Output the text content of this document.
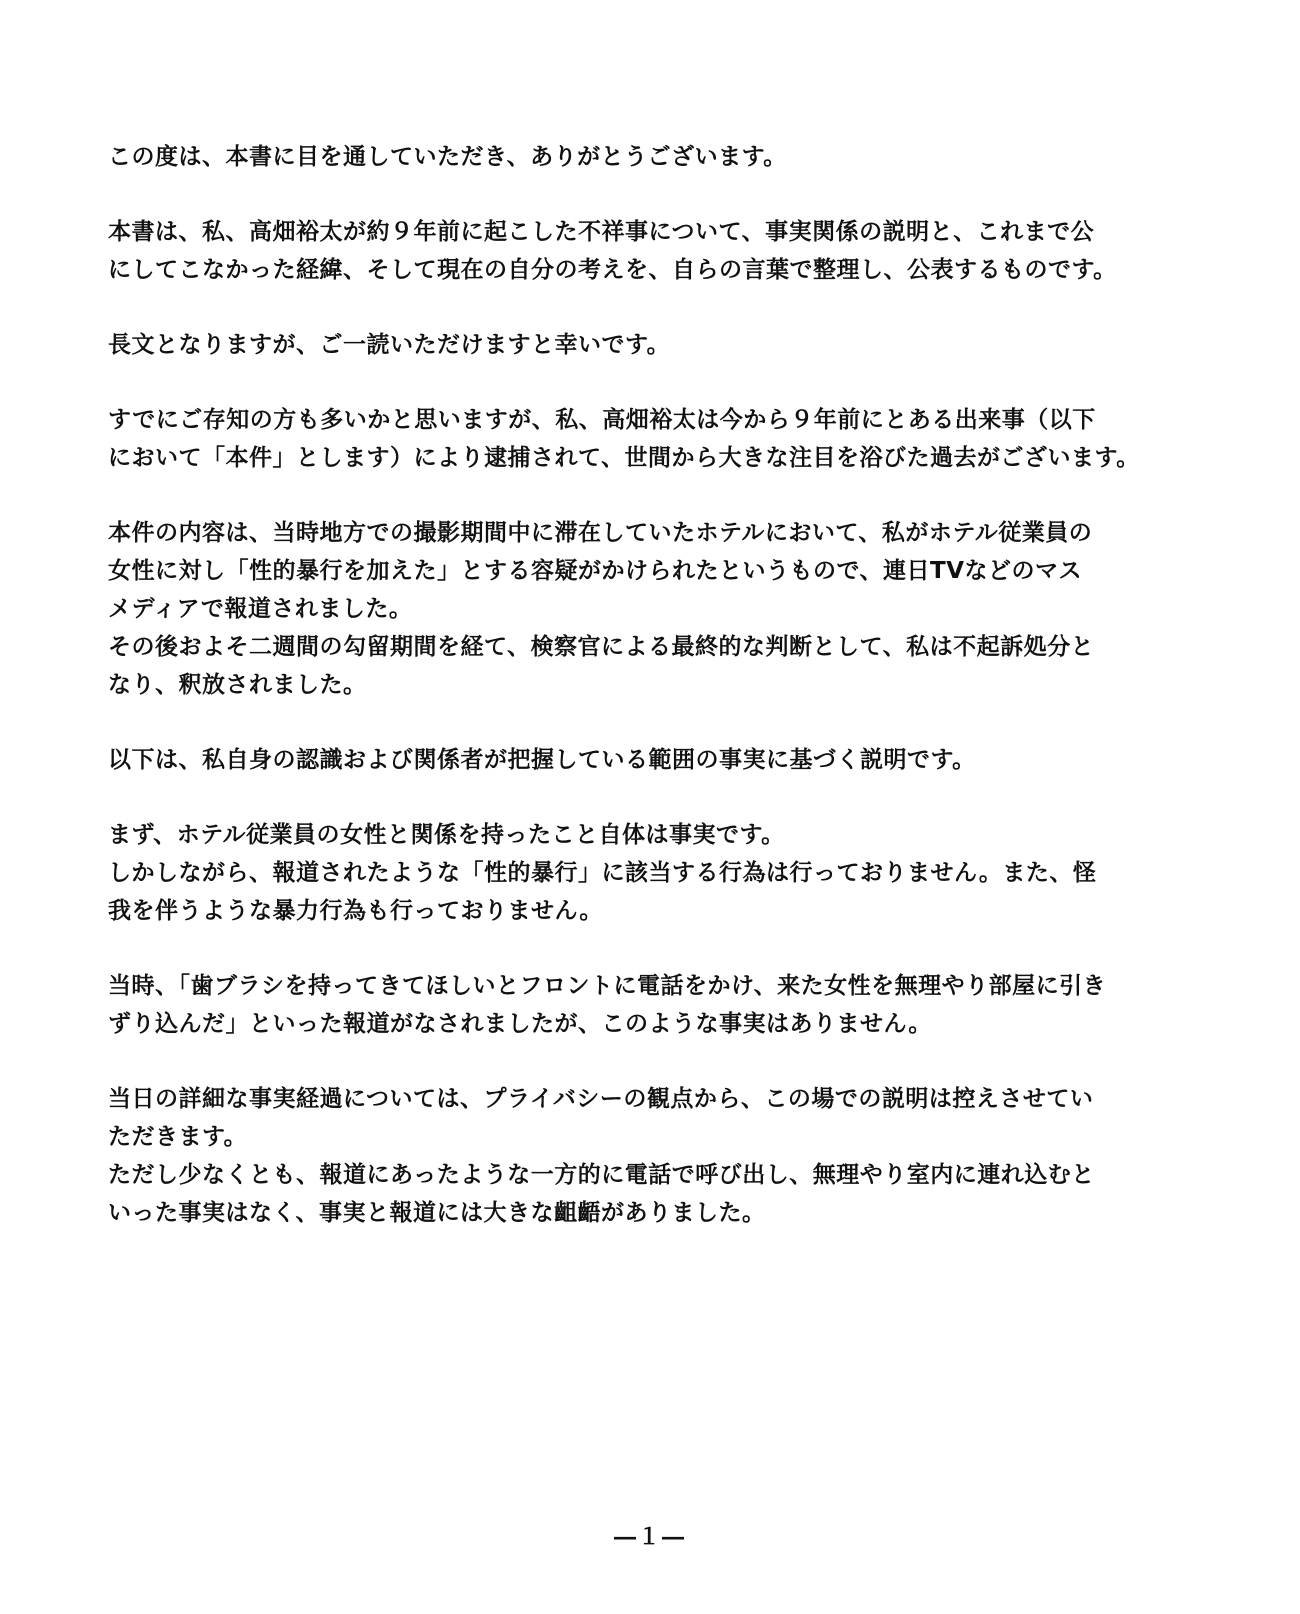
この度は、本書に目を通していただき、ありがとうございます。
本書は、私、高畑裕太が約９年前に起こした不祥事について、事実関係の説明と、これまで公
にしてこなかった経緯、そして現在の自分の考えを、自らの言葉で整理し、公表するものです。
長文となりますが、ご一読いただけますと幸いです。
すでにご存知の方も多いかと思いますが、私、高畑裕太は今から９年前にとある出来事（以下
において「本件」とします）により逮捕されて、世間から大きな注目を浴びた過去がございます。
本件の内容は、当時地方での撮影期間中に滞在していたホテルにおいて、私がホテル従業員の
女性に対し「性的暴行を加えた」とする容疑がかけられたというもので、連日TVなどのマス
メディアで報道されました。
その後およそ二週間の勾留期間を経て、検察官による最終的な判断として、私は不起訴処分と
なり、釈放されました。
以下は、私自身の認識および関係者が把握している範囲の事実に基づく説明です。
まず、ホテル従業員の女性と関係を持ったこと自体は事実です。
しかしながら、報道されたような「性的暴行」に該当する行為は行っておりません。また、怪
我を伴うような暴力行為も行っておりません。
当時、「歯ブラシを持ってきてほしいとフロントに電話をかけ、来た女性を無理やり部屋に引き
ずり込んだ」といった報道がなされましたが、このような事実はありません。
当日の詳細な事実経過については、プライバシーの観点から、この場での説明は控えさせてい
ただきます。
ただし少なくとも、報道にあったような一方的に電話で呼び出し、無理やり室内に連れ込むと
いった事実はなく、事実と報道には大きな齟齬がありました。
―１―
